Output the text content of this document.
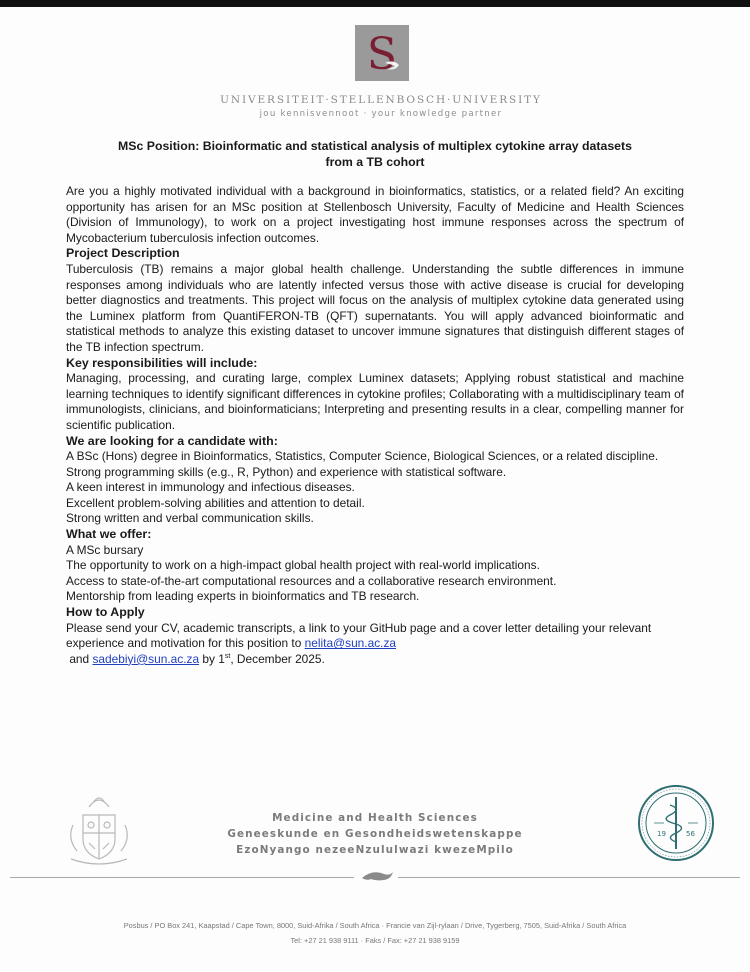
S
UNIVERSITEIT·STELLENBOSCH·UNIVERSITY
jou kennisvennoot · your knowledge partner
MSc Position: Bioinformatic and statistical analysis of multiplex cytokine array datasets
from a TB cohort

Are you a highly motivated individual with a background in bioinformatics, statistics, or a related field? An exciting opportunity has arisen for an MSc position at Stellenbosch University, Faculty of Medicine and Health Sciences (Division of Immunology), to work on a project investigating host immune responses across the spectrum of Mycobacterium tuberculosis infection outcomes.

Project Description

Tuberculosis (TB) remains a major global health challenge. Understanding the subtle differences in immune responses among individuals who are latently infected versus those with active disease is crucial for developing better diagnostics and treatments. This project will focus on the analysis of multiplex cytokine data generated using the Luminex platform from QuantiFERON-TB (QFT) supernatants. You will apply advanced bioinformatic and statistical methods to analyze this existing dataset to uncover immune signatures that distinguish different stages of the TB infection spectrum.

Key responsibilities will include:

Managing, processing, and curating large, complex Luminex datasets; Applying robust statistical and machine learning techniques to identify significant differences in cytokine profiles; Collaborating with a multidisciplinary team of immunologists, clinicians, and bioinformaticians; Interpreting and presenting results in a clear, compelling manner for scientific publication.

We are looking for a candidate with:

A BSc (Hons) degree in Bioinformatics, Statistics, Computer Science, Biological Sciences, or a related discipline.

Strong programming skills (e.g., R, Python) and experience with statistical software.

A keen interest in immunology and infectious diseases.

Excellent problem-solving abilities and attention to detail.

Strong written and verbal communication skills.

What we offer:

A MSc bursary

The opportunity to work on a high-impact global health project with real-world implications.

Access to state-of-the-art computational resources and a collaborative research environment.

Mentorship from leading experts in bioinformatics and TB research.

How to Apply

Please send your CV, academic transcripts, a link to your GitHub page and a cover letter detailing your relevant experience and motivation for this position to nelita@sun.ac.za
and sadebiyi@sun.ac.za by 1st, December 2025.

Medicine and Health Sciences
Geneeskunde en Gesondheidswetenskappe
EzoNyango nezeeNzululwazi kwezeMpilo
19	56
Posbus / PO Box 241, Kaapstad / Cape Town, 8000, Suid-Afrika / South Africa · Francie van Zijl-rylaan / Drive, Tygerberg, 7505, Suid-Afrika / South Africa
Tel: +27 21 938 9111 · Faks / Fax: +27 21 938 9159
